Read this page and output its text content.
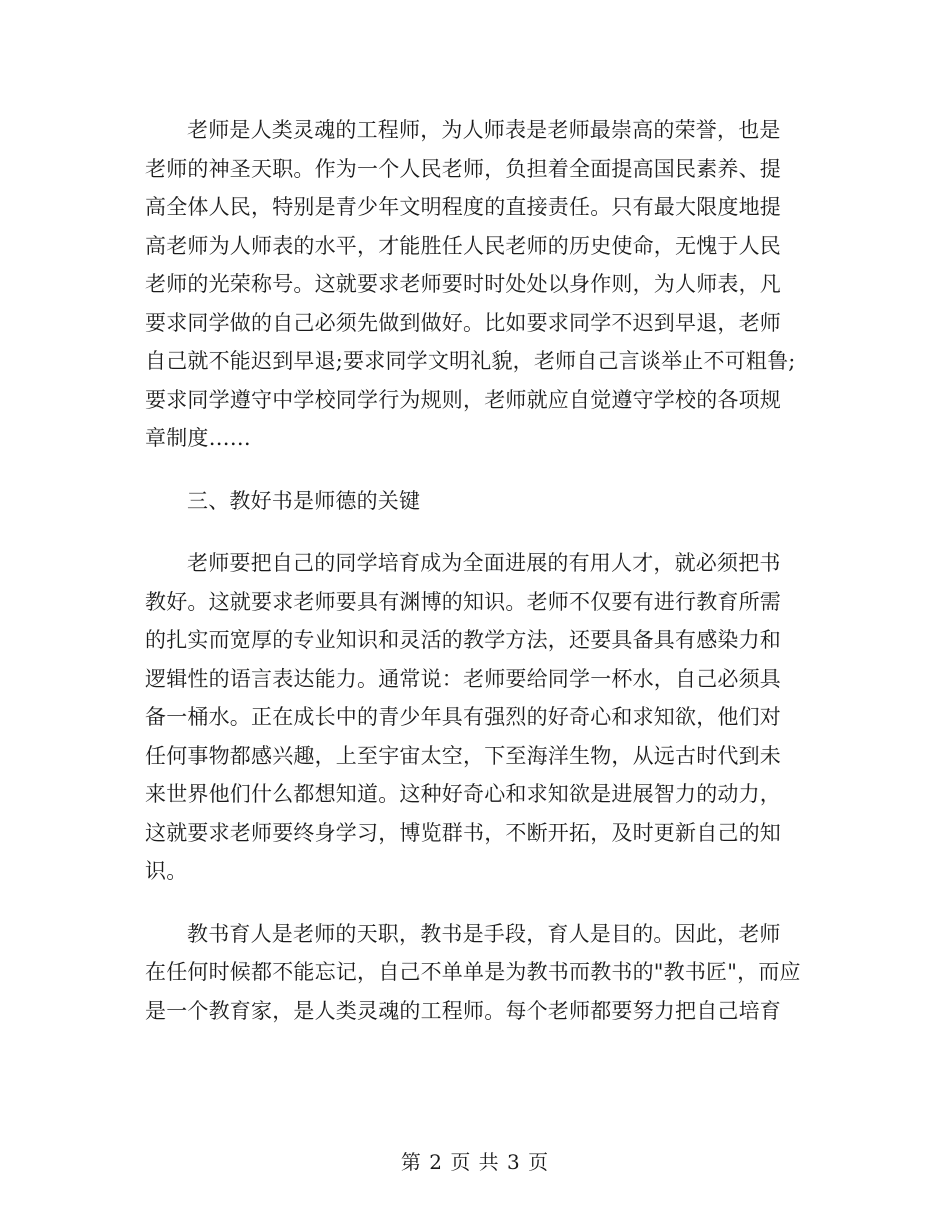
老师是人类灵魂的工程师，为人师表是老师最崇高的荣誉，也是
老师的神圣天职。作为一个人民老师，负担着全面提高国民素养、提
高全体人民，特别是青少年文明程度的直接责任。只有最大限度地提
高老师为人师表的水平，才能胜任人民老师的历史使命，无愧于人民
老师的光荣称号。这就要求老师要时时处处以身作则，为人师表，凡
要求同学做的自己必须先做到做好。比如要求同学不迟到早退，老师
自己就不能迟到早退;要求同学文明礼貌，老师自己言谈举止不可粗鲁;
要求同学遵守中学校同学行为规则，老师就应自觉遵守学校的各项规
章制度……
三、教好书是师德的关键
老师要把自己的同学培育成为全面进展的有用人才，就必须把书
教好。这就要求老师要具有渊博的知识。老师不仅要有进行教育所需
的扎实而宽厚的专业知识和灵活的教学方法，还要具备具有感染力和
逻辑性的语言表达能力。通常说：老师要给同学一杯水，自己必须具
备一桶水。正在成长中的青少年具有强烈的好奇心和求知欲，他们对
任何事物都感兴趣，上至宇宙太空，下至海洋生物，从远古时代到未
来世界他们什么都想知道。这种好奇心和求知欲是进展智力的动力，
这就要求老师要终身学习，博览群书，不断开拓，及时更新自己的知
识。
教书育人是老师的天职，教书是手段，育人是目的。因此，老师
在任何时候都不能忘记，自己不单单是为教书而教书的"教书匠"，而应
是一个教育家，是人类灵魂的工程师。每个老师都要努力把自己培育
第 2 页 共 3 页
